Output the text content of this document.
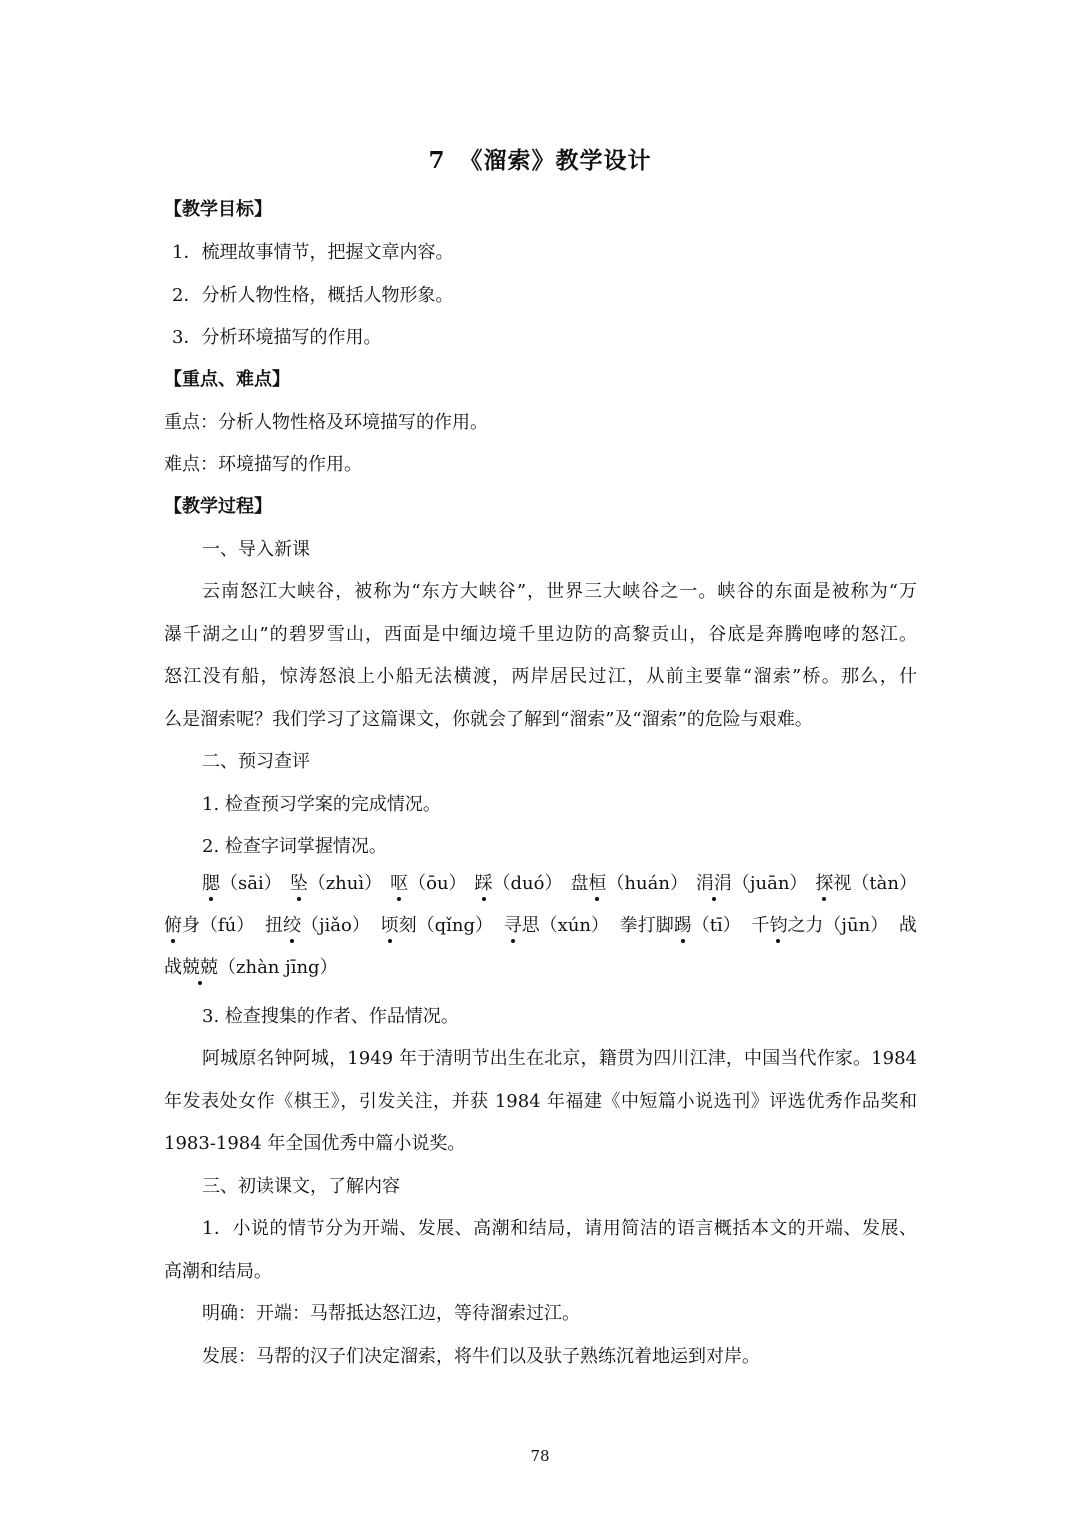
7 《溜索》教学设计
【教学目标】
1．梳理故事情节，把握文章内容。
2．分析人物性格，概括人物形象。
3．分析环境描写的作用。
【重点、难点】
重点：分析人物性格及环境描写的作用。
难点：环境描写的作用。
【教学过程】
一、导入新课
云南怒江大峡谷，被称为“东方大峡谷”，世界三大峡谷之一。峡谷的东面是被称为“万
瀑千湖之山”的碧罗雪山，西面是中缅边境千里边防的高黎贡山，谷底是奔腾咆哮的怒江。
怒江没有船，惊涛怒浪上小船无法横渡，两岸居民过江，从前主要靠“溜索”桥。那么，什
么是溜索呢？我们学习了这篇课文，你就会了解到“溜索”及“溜索”的危险与艰难。
二、预习查评
1. 检查预习学案的完成情况。
2. 检查字词掌握情况。
腮（sāi） 坠（zhuì） 呕（ōu） 踩（duó） 盘桓（huán） 涓涓（juān） 探视（tàn）
俯身（fú） 扭绞（jiǎo） 顷刻（qǐng） 寻思（xún） 拳打脚踢（tī） 千钧之力（jūn） 战
战兢兢（zhàn jīng）
3. 检查搜集的作者、作品情况。
阿城原名钟阿城，1949 年于清明节出生在北京，籍贯为四川江津，中国当代作家。1984
年发表处女作《棋王》，引发关注，并获 1984 年福建《中短篇小说选刊》评选优秀作品奖和
1983-1984 年全国优秀中篇小说奖。
三、初读课文，了解内容
1．小说的情节分为开端、发展、高潮和结局，请用简洁的语言概括本文的开端、发展、
高潮和结局。
明确：开端：马帮抵达怒江边，等待溜索过江。
发展：马帮的汉子们决定溜索，将牛们以及驮子熟练沉着地运到对岸。
78
